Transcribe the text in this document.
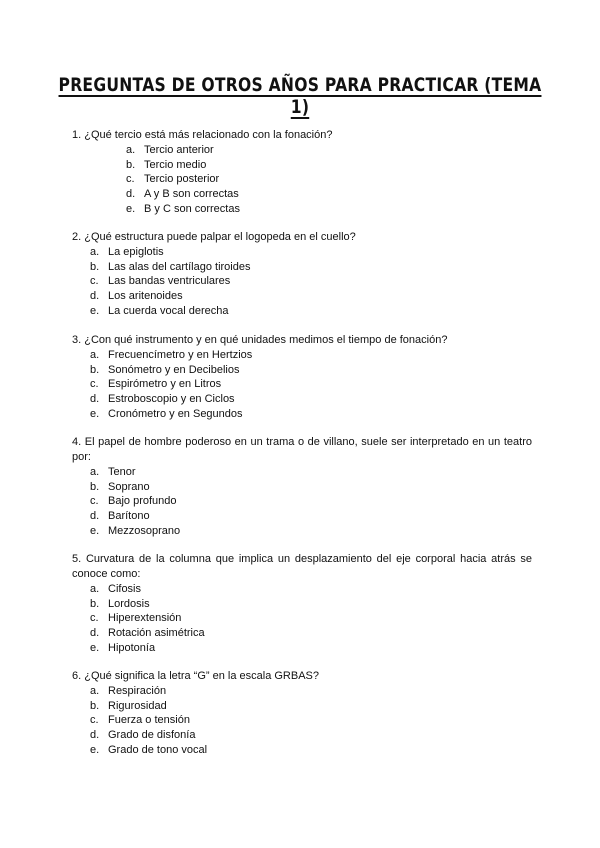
PREGUNTAS DE OTROS AÑOS PARA PRACTICAR (TEMA 1)

1. ¿Qué tercio está más relacionado con la fonación?

a. Tercio anterior
b. Tercio medio
c. Tercio posterior
d. A y B son correctas
e. B y C son correctas

2. ¿Qué estructura puede palpar el logopeda en el cuello?

a. La epiglotis
b. Las alas del cartílago tiroides
c. Las bandas ventriculares
d. Los aritenoides
e. La cuerda vocal derecha

3. ¿Con qué instrumento y en qué unidades medimos el tiempo de fonación?

a. Frecuencímetro y en Hertzios
b. Sonómetro y en Decibelios
c. Espirómetro y en Litros
d. Estroboscopio y en Ciclos
e. Cronómetro y en Segundos

4. El papel de hombre poderoso en un trama o de villano, suele ser interpretado en un teatro por:

a. Tenor
b. Soprano
c. Bajo profundo
d. Barítono
e. Mezzosoprano

5. Curvatura de la columna que implica un desplazamiento del eje corporal hacia atrás se conoce como:

a. Cifosis
b. Lordosis
c. Hiperextensión
d. Rotación asimétrica
e. Hipotonía

6. ¿Qué significa la letra “G” en la escala GRBAS?

a. Respiración
b. Rigurosidad
c. Fuerza o tensión
d. Grado de disfonía
e. Grado de tono vocal
